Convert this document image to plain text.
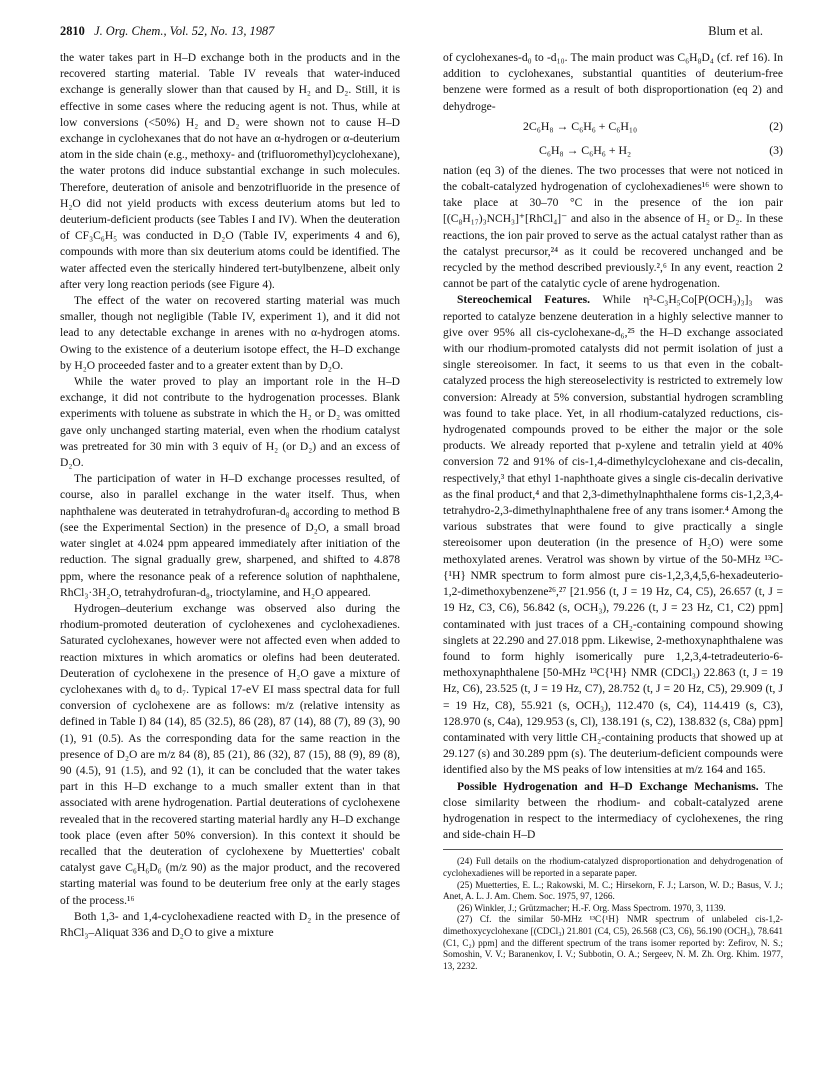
2810 J. Org. Chem., Vol. 52, No. 13, 1987	Blum et al.

the water takes part in H–D exchange both in the products and in the recovered starting material. Table IV reveals that water-induced exchange is generally slower than that caused by H₂ and D₂. Still, it is effective in some cases where the reducing agent is not. Thus, while at low conversions (<50%) H₂ and D₂ were shown not to cause H–D exchange in cyclohexanes that do not have an α-hydrogen or α-deuterium atom in the side chain (e.g., methoxy- and (trifluoromethyl)cyclohexane), the water protons did induce substantial exchange in such molecules. Therefore, deuteration of anisole and benzotrifluoride in the presence of H₂O did not yield products with excess deuterium atoms but led to deuterium-deficient products (see Tables I and IV). When the deuteration of CF₃C₆H₅ was conducted in D₂O (Table IV, experiments 4 and 6), compounds with more than six deuterium atoms could be identified. The water affected even the sterically hindered tert-butylbenzene, albeit only after very long reaction periods (see Figure 4).

The effect of the water on recovered starting material was much smaller, though not negligible (Table IV, experiment 1), and it did not lead to any detectable exchange in arenes with no α-hydrogen atoms. Owing to the existence of a deuterium isotope effect, the H–D exchange by H₂O proceeded faster and to a greater extent than by D₂O.

While the water proved to play an important role in the H–D exchange, it did not contribute to the hydrogenation processes. Blank experiments with toluene as substrate in which the H₂ or D₂ was omitted gave only unchanged starting material, even when the rhodium catalyst was pretreated for 30 min with 3 equiv of H₂ (or D₂) and an excess of D₂O.

The participation of water in H–D exchange processes resulted, of course, also in parallel exchange in the water itself. Thus, when naphthalene was deuterated in tetrahydrofuran-d₈ according to method B (see the Experimental Section) in the presence of D₂O, a small broad water singlet at 4.024 ppm appeared immediately after initiation of the reduction. The signal gradually grew, sharpened, and shifted to 4.878 ppm, where the resonance peak of a reference solution of naphthalene, RhCl₃·3H₂O, tetrahydrofuran-d₈, trioctylamine, and H₂O appeared.

Hydrogen–deuterium exchange was observed also during the rhodium-promoted deuteration of cyclohexenes and cyclohexadienes. Saturated cyclohexanes, however were not affected even when added to reaction mixtures in which aromatics or olefins had been deuterated. Deuteration of cyclohexene in the presence of H₂O gave a mixture of cyclohexanes with d₀ to d₇. Typical 17-eV EI mass spectral data for full conversion of cyclohexene are as follows: m/z (relative intensity as defined in Table I) 84 (14), 85 (32.5), 86 (28), 87 (14), 88 (7), 89 (3), 90 (1), 91 (0.5). As the corresponding data for the same reaction in the presence of D₂O are m/z 84 (8), 85 (21), 86 (32), 87 (15), 88 (9), 89 (8), 90 (4.5), 91 (1.5), and 92 (1), it can be concluded that the water takes part in this H–D exchange to a much smaller extent than in that associated with arene hydrogenation. Partial deuterations of cyclohexene revealed that in the recovered starting material hardly any H–D exchange took place (even after 50% conversion). In this context it should be recalled that the deuteration of cyclohexene by Muetterties' cobalt catalyst gave C₆H₆D₆ (m/z 90) as the major product, and the recovered starting material was found to be deuterium free only at the early stages of the process.¹⁶

Both 1,3- and 1,4-cyclohexadiene reacted with D₂ in the presence of RhCl₃–Aliquat 336 and D₂O to give a mixture

of cyclohexanes-d₀ to -d₁₀. The main product was C₆H₈D₄ (cf. ref 16). In addition to cyclohexanes, substantial quantities of deuterium-free benzene were formed as a result of both disproportionation (eq 2) and dehydroge-

2C₆H₈ → C₆H₆ + C₆H₁₀	(2)
C₆H₈ → C₆H₆ + H₂	(3)

nation (eq 3) of the dienes. The two processes that were not noticed in the cobalt-catalyzed hydrogenation of cyclohexadienes¹⁶ were shown to take place at 30–70 °C in the presence of the ion pair [(C₈H₁₇)₃NCH₃]⁺[RhCl₄]⁻ and also in the absence of H₂ or D₂. In these reactions, the ion pair proved to serve as the actual catalyst rather than as the catalyst precursor,²⁴ as it could be recovered unchanged and be recycled by the method described previously.²,⁶ In any event, reaction 2 cannot be part of the catalytic cycle of arene hydrogenation.

Stereochemical Features. While η³-C₃H₅Co[P(OCH₃)₃]₃ was reported to catalyze benzene deuteration in a highly selective manner to give over 95% all cis-cyclohexane-d₆,²⁵ the H–D exchange associated with our rhodium-promoted catalysts did not permit isolation of just a single stereoisomer. In fact, it seems to us that even in the cobalt-catalyzed process the high stereoselectivity is restricted to extremely low conversion: Already at 5% conversion, substantial hydrogen scrambling was found to take place. Yet, in all rhodium-catalyzed reductions, cis-hydrogenated compounds proved to be either the major or the sole products. We already reported that p-xylene and tetralin yield at 40% conversion 72 and 91% of cis-1,4-dimethylcyclohexane and cis-decalin, respectively,³ that ethyl 1-naphthoate gives a single cis-decalin derivative as the final product,⁴ and that 2,3-dimethylnaphthalene forms cis-1,2,3,4-tetrahydro-2,3-dimethylnaphthalene free of any trans isomer.⁴ Among the various substrates that were found to give practically a single stereoisomer upon deuteration (in the presence of H₂O) were some methoxylated arenes. Veratrol was shown by virtue of the 50-MHz ¹³C-{¹H} NMR spectrum to form almost pure cis-1,2,3,4,5,6-hexadeuterio-1,2-dimethoxybenzene²⁶,²⁷ [21.956 (t, J = 19 Hz, C4, C5), 26.657 (t, J = 19 Hz, C3, C6), 56.842 (s, OCH₃), 79.226 (t, J = 23 Hz, C1, C2) ppm] contaminated with just traces of a CH₂-containing compound showing singlets at 22.290 and 27.018 ppm. Likewise, 2-methoxynaphthalene was found to form highly isomerically pure 1,2,3,4-tetradeuterio-6-methoxynaphthalene [50-MHz ¹³C{¹H} NMR (CDCl₃) 22.863 (t, J = 19 Hz, C6), 23.525 (t, J = 19 Hz, C7), 28.752 (t, J = 20 Hz, C5), 29.909 (t, J = 19 Hz, C8), 55.921 (s, OCH₃), 112.470 (s, C4), 114.419 (s, C3), 128.970 (s, C4a), 129.953 (s, Cl), 138.191 (s, C2), 138.832 (s, C8a) ppm] contaminated with very little CH₂-containing products that showed up at 29.127 (s) and 30.289 ppm (s). The deuterium-deficient compounds were identified also by the MS peaks of low intensities at m/z 164 and 165.

Possible Hydrogenation and H–D Exchange Mechanisms. The close similarity between the rhodium- and cobalt-catalyzed arene hydrogenation in respect to the intermediacy of cyclohexenes, the ring and side-chain H–D

(24) Full details on the rhodium-catalyzed disproportionation and dehydrogenation of cyclohexadienes will be reported in a separate paper.

(25) Muetterties, E. L.; Rakowski, M. C.; Hirsekorn, F. J.; Larson, W. D.; Basus, V. J.; Anet, A. L. J. Am. Chem. Soc. 1975, 97, 1266.

(26) Winkler, J.; Grützmacher; H.-F. Org. Mass Spectrom. 1970, 3, 1139.

(27) Cf. the similar 50-MHz ¹³C{¹H} NMR spectrum of unlabeled cis-1,2-dimethoxycyclohexane [(CDCl₃) 21.801 (C4, C5), 26.568 (C3, C6), 56.190 (OCH₃), 78.641 (C1, C₂) ppm] and the different spectrum of the trans isomer reported by: Zefirov, N. S.; Somoshin, V. V.; Baranenkov, I. V.; Subbotin, O. A.; Sergeev, N. M. Zh. Org. Khim. 1977, 13, 2232.
